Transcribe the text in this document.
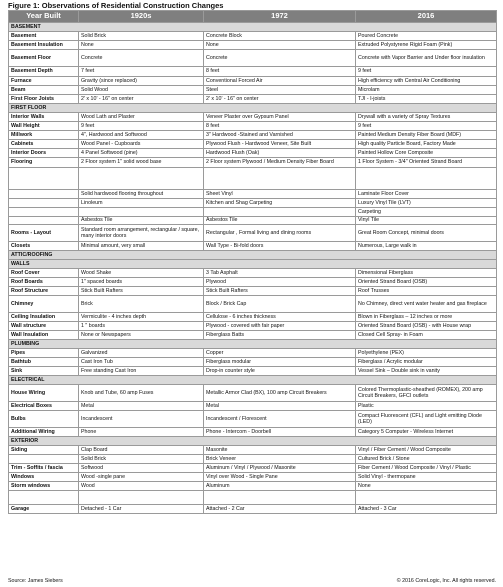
Figure 1: Observations of Residential Construction Changes
Year Built	1920s	1972	2016
BASEMENT			
Basement	Solid Brick	Concrete Block	Poured Concrete
Basement Insulation	None	None	Extruded Polystyrene Rigid Foam (Pink)
Basement Floor	Concrete	Concrete	Concrete with Vapor Barrier and Under floor insulation
Basement Depth	7 feet	8 feet	9 feet
Furnace	Gravity (since replaced)	Conventional Forced Air	High efficiency with Central Air Conditioning
Beam	Solid Wood	Steel	Microlam
First Floor Joists	2' x 10' - 16" on center	2' x 10' - 16" on center	TJI - I-joists
FIRST FLOOR			
Interior Walls	Wood Lath and Plaster	Veneer Plaster over Gypsum Panel	Drywall with a variety of Spray Textures
Wall Height	9 feet	8 feet	9 feet
Millwork	4", Hardwood and Softwood	3" Hardwood -Stained and Varnished	Painted Medium Density Fiber Board (MDF)
Cabinets	Wood Panel - Cupboards	Plywood Flush - Hardwood Veneer, Site Built	High quality Particle Board, Factory Made
Interior Doors	4 Panel Softwood (pine)	Hardwood Flush (Oak)	Painted Hollow Core Composite
Flooring	2 Floor system 1" solid wood base	2 Floor system Plywood / Medium Density Fiber Board	1 Floor System - 3/4" Oriented Strand Board

	Solid hardwood flooring throughout	Sheet Vinyl	Laminate Floor Cover
	Linoleum	Kitchen and Shag Carpeting	Luxury Vinyl Tile (LVT)
			Carpeting
	Asbestos Tile	Asbestos Tile	Vinyl Tile
Rooms - Layout	Standard room arrangement, rectangular / square, many interior doors	Rectangular , Formal living and dining rooms	Great Room Concept, minimal doors
Closets	Minimal amount, very small	Wall Type - Bi-fold doors	Numerous, Large walk in
ATTIC/ROOFING			
WALLS			
Roof Cover	Wood Shake	3 Tab Asphalt	Dimensional Fiberglass
Roof Boards	1" spaced boards	Plywood	Oriented Strand Board (OSB)
Roof Structure	Stick Built Rafters	Stick Built Rafters	Roof Trusses
Chimney	Brick	Block / Brick Cap	No Chimney, direct vent water heater and gas fireplace
Ceiling Insulation	Vermiculite - 4 inches depth	Cellulose - 6 inches thickness	Blown in Fiberglass – 12 inches or more
Wall structure	1 " boards	Plywood - covered with fair paper	Oriented Strand Board (OSB) - with House wrap
Wall Insulation	None or Newspapers	Fiberglass Batts	Closed Cell Spray- in Foam
PLUMBING			
Pipes	Galvanized	Copper	Polyethylene (PEX)
Bathtub	Cast Iron Tub	Fiberglass modular	Fiberglass / Acrylic modular
Sink	Free standing Cast Iron	Drop-in counter style	Vessel Sink – Double sink in vanity
ELECTRICAL			
House Wiring	Knob and Tube, 60 amp Fuses	Metallic Armor Clad (BX), 100 amp Circuit Breakers	Colored Thermoplastic-sheathed (ROMEX), 200 amp Circuit Breakers, GFCI outlets
Electrical Boxes	Metal	Metal	Plastic
Bulbs	Incandescent	Incandescent / Florescent	Compact Fluorescent (CFL) and Light emitting Diode (LED)
Additional Wiring	Phone	Phone - Intercom - Doorbell	Category 5 Computer - Wireless Internet
EXTERIOR			
Siding	Clap Board	Masonite	Vinyl / Fiber Cement / Wood Composite
	Solid Brick	Brick Veneer	Cultured Brick / Stone
Trim - Soffits / fascia	Softwood	Aluminum / Vinyl / Plywood / Masonite	Fiber Cement / Wood Composite / Vinyl / Plastic
Windows	Wood -single pane	Vinyl over Wood - Single Pane	Solid Vinyl - thermopane
Storm windows	Wood	Aluminum	None

Garage	Detached - 1 Car	Attached - 2 Car	Attached - 3 Car
Source: James Siebers	© 2016 CoreLogic, Inc. All rights reserved.
